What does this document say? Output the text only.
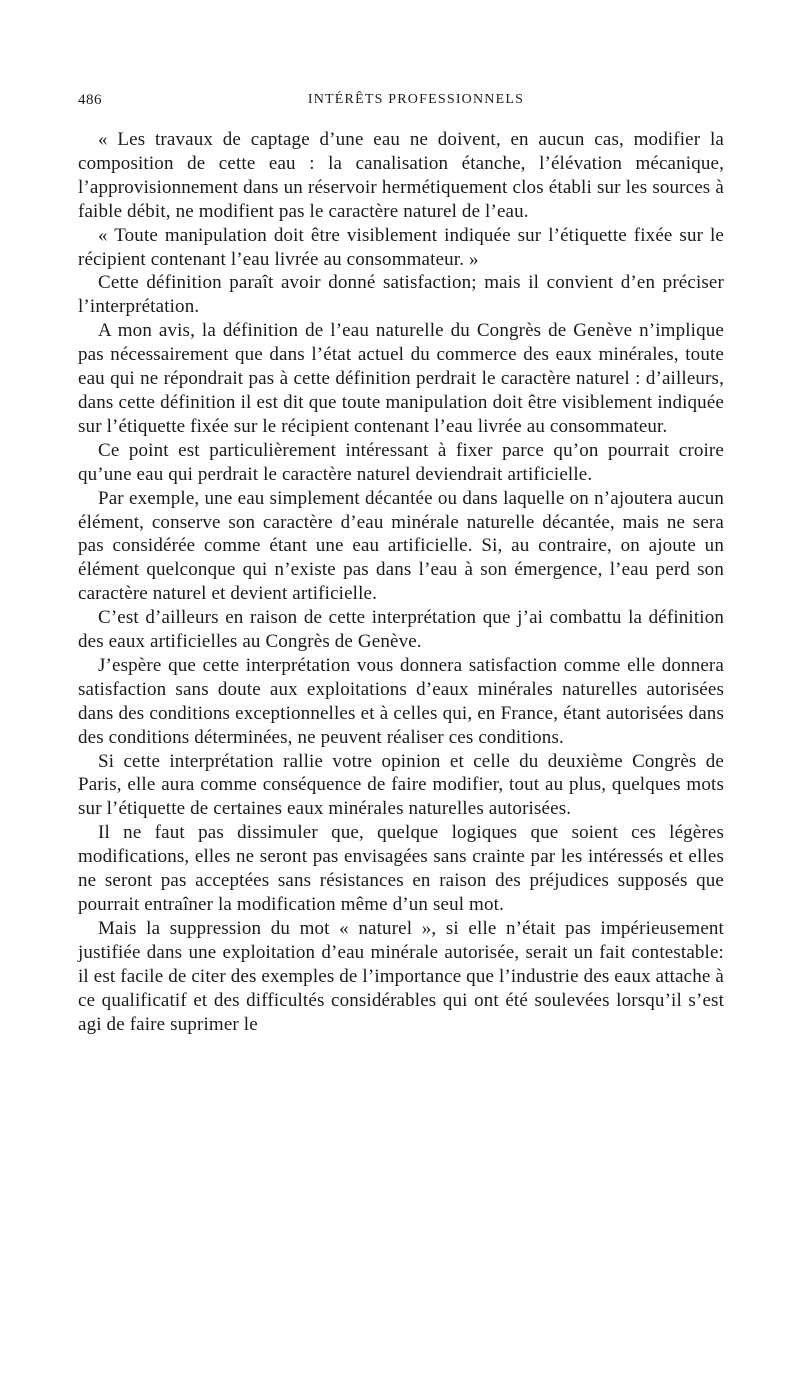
486	INTÉRÊTS PROFESSIONNELS

« Les travaux de captage d’une eau ne doivent, en aucun cas, modifier la composition de cette eau : la canalisation étanche, l’élévation mécanique, l’approvisionnement dans un réservoir hermétiquement clos établi sur les sources à faible débit, ne modifient pas le caractère naturel de l’eau.

« Toute manipulation doit être visiblement indiquée sur l’étiquette fixée sur le récipient contenant l’eau livrée au consommateur. »

Cette définition paraît avoir donné satisfaction; mais il convient d’en préciser l’interprétation.

A mon avis, la définition de l’eau naturelle du Congrès de Genève n’implique pas nécessairement que dans l’état actuel du commerce des eaux minérales, toute eau qui ne répondrait pas à cette définition perdrait le caractère naturel : d’ailleurs, dans cette définition il est dit que toute manipulation doit être visiblement indiquée sur l’étiquette fixée sur le récipient contenant l’eau livrée au consommateur.

Ce point est particulièrement intéressant à fixer parce qu’on pourrait croire qu’une eau qui perdrait le caractère naturel deviendrait artificielle.

Par exemple, une eau simplement décantée ou dans laquelle on n’ajoutera aucun élément, conserve son caractère d’eau minérale naturelle décantée, mais ne sera pas considérée comme étant une eau artificielle. Si, au contraire, on ajoute un élément quelconque qui n’existe pas dans l’eau à son émergence, l’eau perd son caractère naturel et devient artificielle.

C’est d’ailleurs en raison de cette interprétation que j’ai combattu la définition des eaux artificielles au Congrès de Genève.

J’espère que cette interprétation vous donnera satisfaction comme elle donnera satisfaction sans doute aux exploitations d’eaux minérales naturelles autorisées dans des conditions exceptionnelles et à celles qui, en France, étant autorisées dans des conditions déterminées, ne peuvent réaliser ces conditions.

Si cette interprétation rallie votre opinion et celle du deuxième Congrès de Paris, elle aura comme conséquence de faire modifier, tout au plus, quelques mots sur l’étiquette de certaines eaux minérales naturelles autorisées.

Il ne faut pas dissimuler que, quelque logiques que soient ces légères modifications, elles ne seront pas envisagées sans crainte par les intéressés et elles ne seront pas acceptées sans résistances en raison des préjudices supposés que pourrait entraîner la modification même d’un seul mot.

Mais la suppression du mot « naturel », si elle n’était pas impérieusement justifiée dans une exploitation d’eau minérale autorisée, serait un fait contestable: il est facile de citer des exemples de l’importance que l’industrie des eaux attache à ce qualificatif et des difficultés considérables qui ont été soulevées lorsqu’il s’est agi de faire suprimer le
